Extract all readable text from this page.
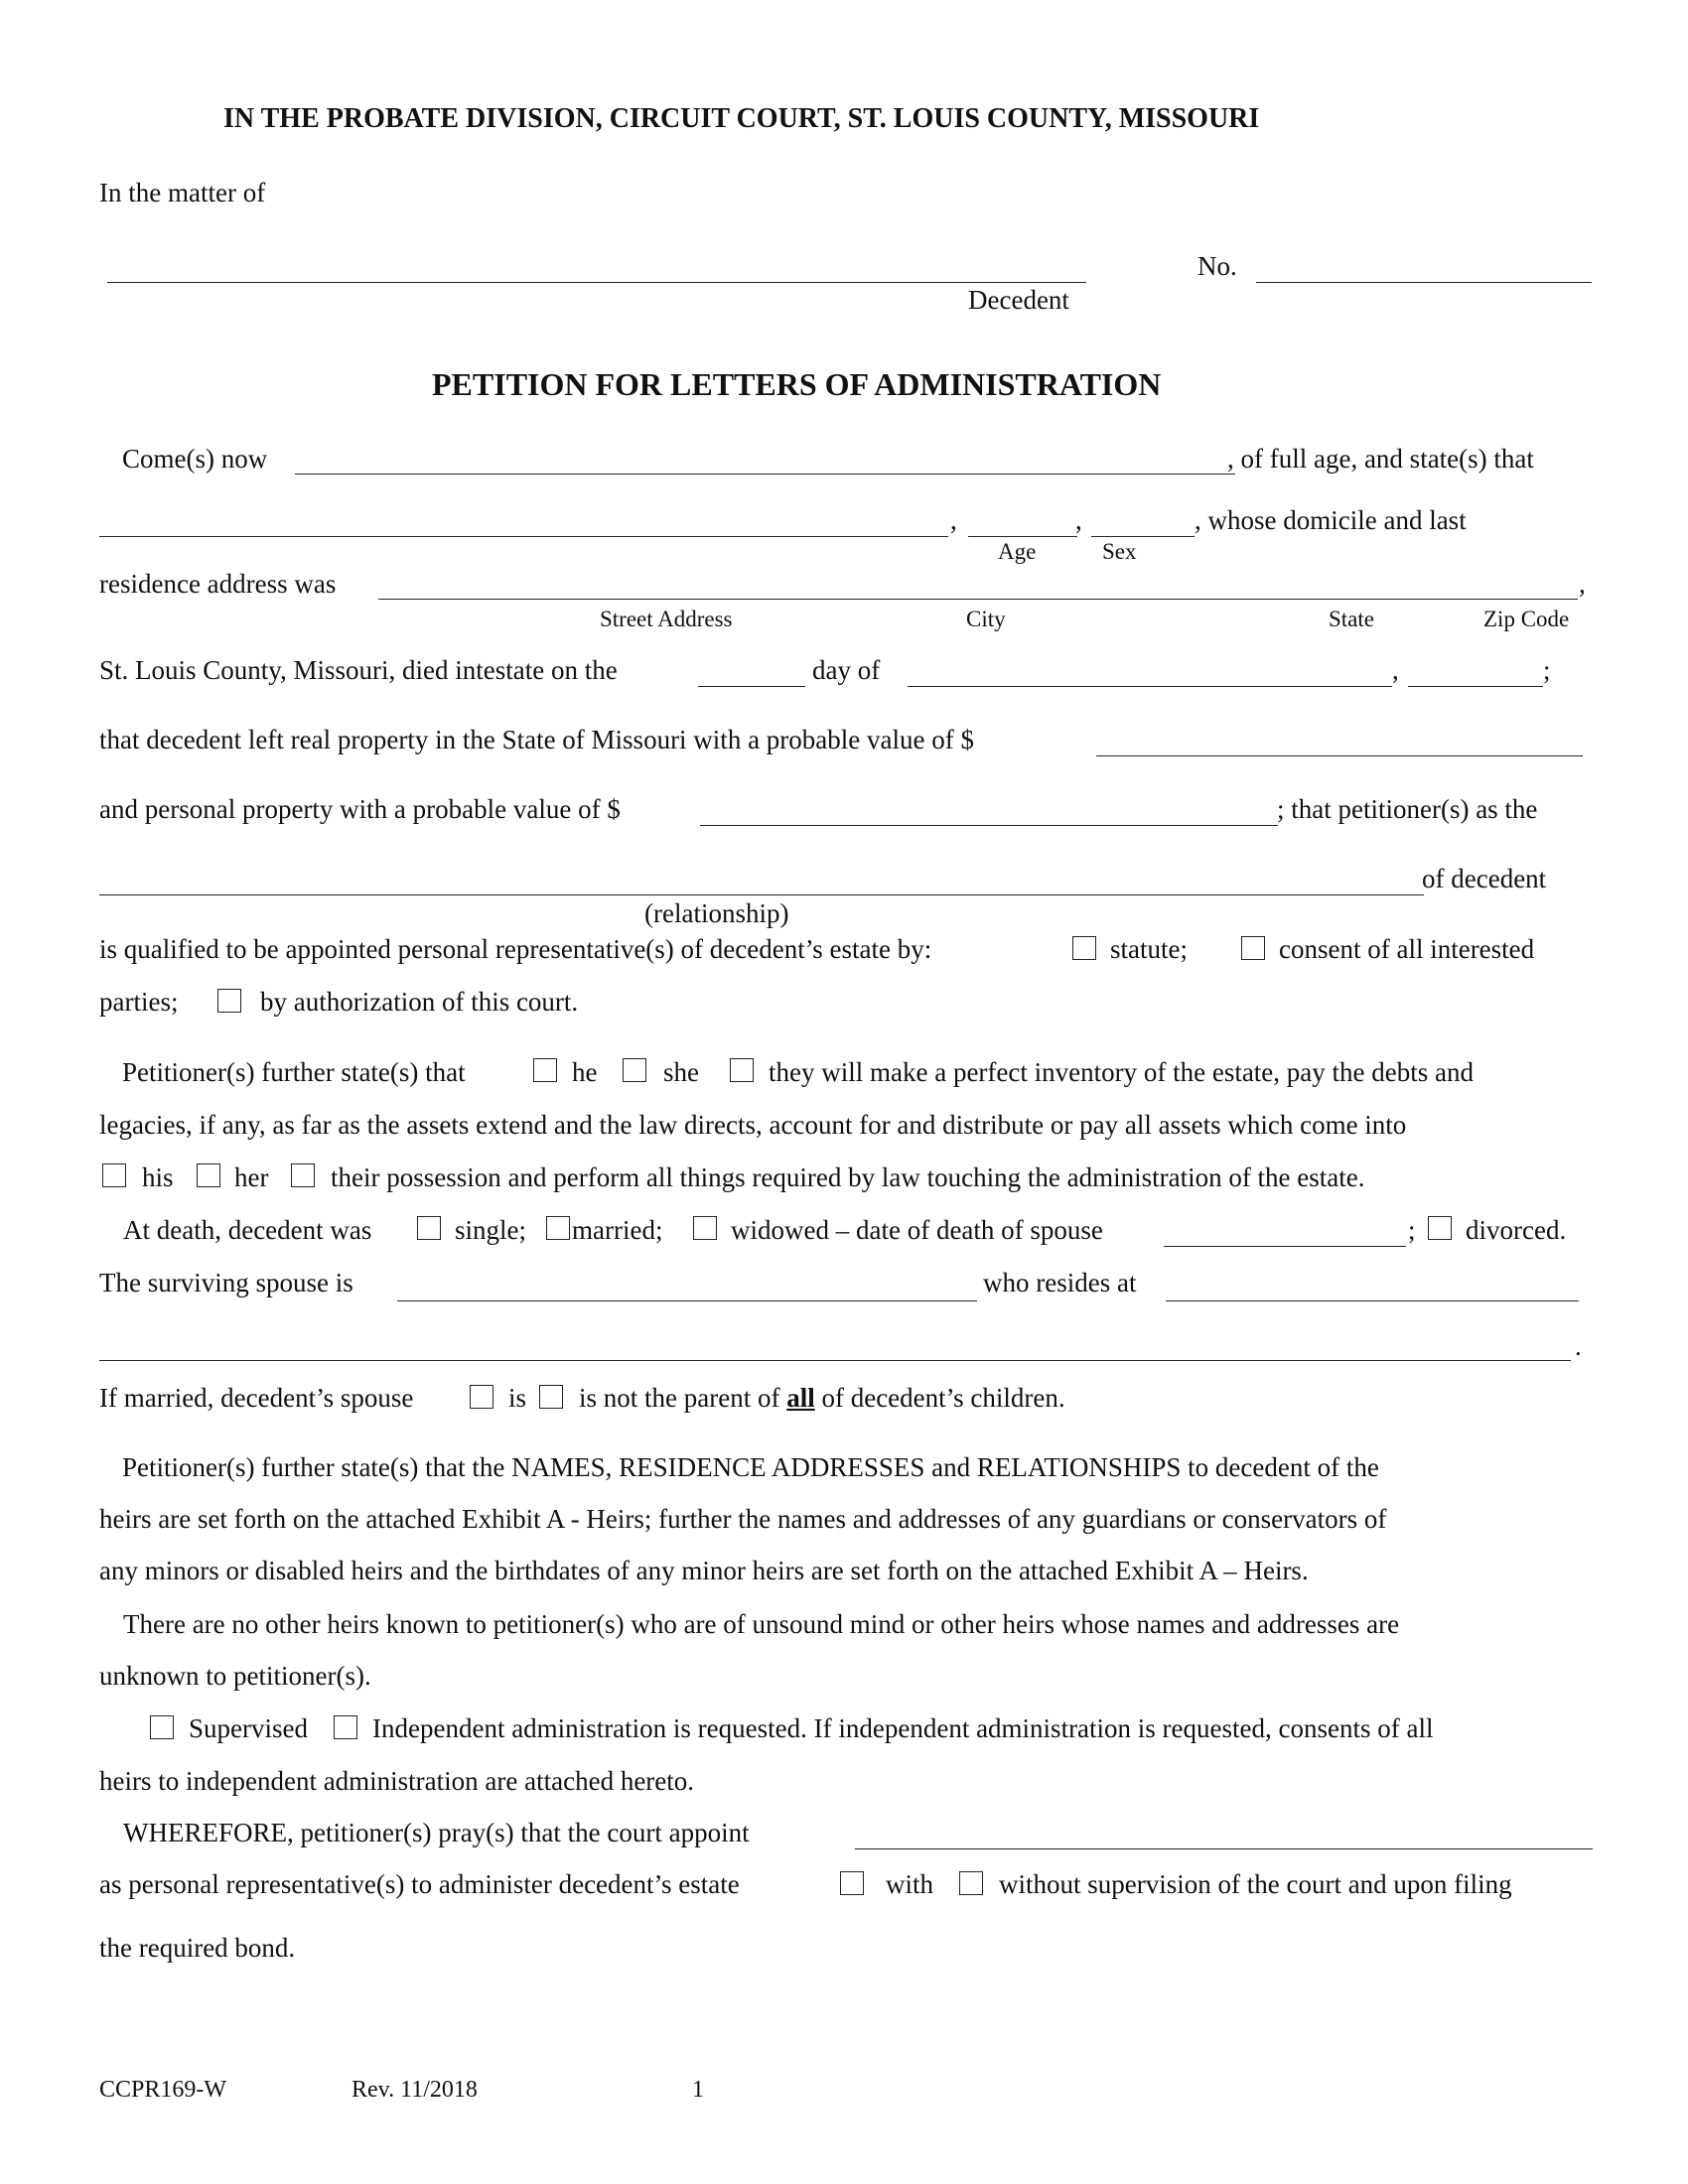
IN THE PROBATE DIVISION, CIRCUIT COURT, ST. LOUIS COUNTY, MISSOURI
In the matter of
Decedent
No.
PETITION FOR LETTERS OF ADMINISTRATION
Come(s) now	, of full age, and state(s) that
,	,	, whose domicile and last
Age	Sex
residence address was	,
Street Address	City	State	Zip Code
St. Louis County, Missouri, died intestate on the	day of	,	;
that decedent left real property in the State of Missouri with a probable value of $
and personal property with a probable value of $	; that petitioner(s) as the
of decedent
(relationship)
is qualified to be appointed personal representative(s) of decedent’s estate by:	statute;	consent of all interested
parties;	by authorization of this court.
Petitioner(s) further state(s) that	he she	they will make a perfect inventory of the estate, pay the debts and
legacies, if any, as far as the assets extend and the law directs, account for and distribute or pay all assets which come into
his her their possession and perform all things required by law touching the administration of the estate.
At death, decedent was	single; married;	widowed – date of death of spouse	; divorced.
The surviving spouse is	who resides at
.
If married, decedent’s spouse	is is not the parent of all of decedent’s children.
Petitioner(s) further state(s) that the NAMES, RESIDENCE ADDRESSES and RELATIONSHIPS to decedent of the
heirs are set forth on the attached Exhibit A - Heirs; further the names and addresses of any guardians or conservators of
any minors or disabled heirs and the birthdates of any minor heirs are set forth on the attached Exhibit A – Heirs.
There are no other heirs known to petitioner(s) who are of unsound mind or other heirs whose names and addresses are
unknown to petitioner(s).
Supervised Independent administration is requested. If independent administration is requested, consents of all
heirs to independent administration are attached hereto.
WHEREFORE, petitioner(s) pray(s) that the court appoint
as personal representative(s) to administer decedent’s estate	with without supervision of the court and upon filing
the required bond.
CCPR169-W	Rev. 11/2018	1
